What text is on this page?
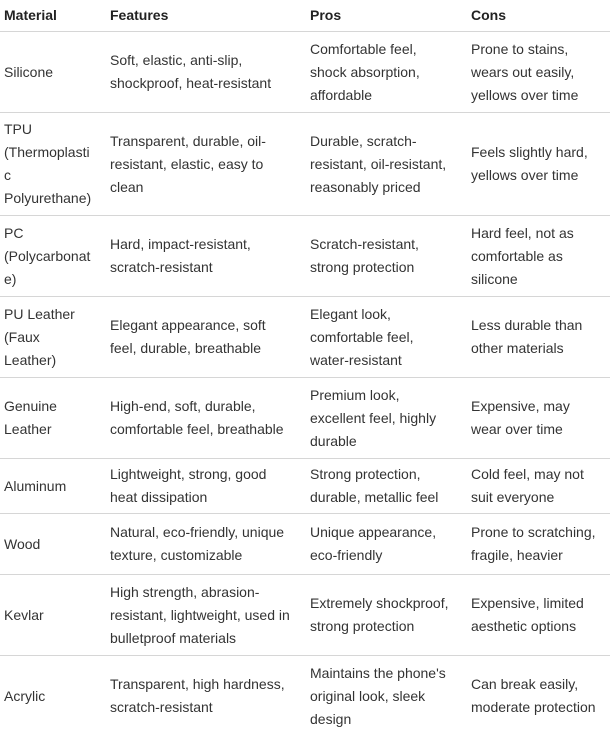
Material	Features	Pros	Cons
Silicone	Soft, elastic, anti-slip, shockproof, heat-resistant	Comfortable feel, shock absorption, affordable	Prone to stains, wears out easily, yellows over time
TPU (Thermoplastic Polyurethane)	Transparent, durable, oil-resistant, elastic, easy to clean	Durable, scratch-resistant, oil-resistant, reasonably priced	Feels slightly hard, yellows over time
PC (Polycarbonate)	Hard, impact-resistant, scratch-resistant	Scratch-resistant, strong protection	Hard feel, not as comfortable as silicone
PU Leather (Faux Leather)	Elegant appearance, soft feel, durable, breathable	Elegant look, comfortable feel, water-resistant	Less durable than other materials
Genuine Leather	High-end, soft, durable, comfortable feel, breathable	Premium look, excellent feel, highly durable	Expensive, may wear over time
Aluminum	Lightweight, strong, good heat dissipation	Strong protection, durable, metallic feel	Cold feel, may not suit everyone
Wood	Natural, eco-friendly, unique texture, customizable	Unique appearance, eco-friendly	Prone to scratching, fragile, heavier
Kevlar	High strength, abrasion-resistant, lightweight, used in bulletproof materials	Extremely shockproof, strong protection	Expensive, limited aesthetic options
Acrylic	Transparent, high hardness, scratch-resistant	Maintains the phone's original look, sleek design	Can break easily, moderate protection
